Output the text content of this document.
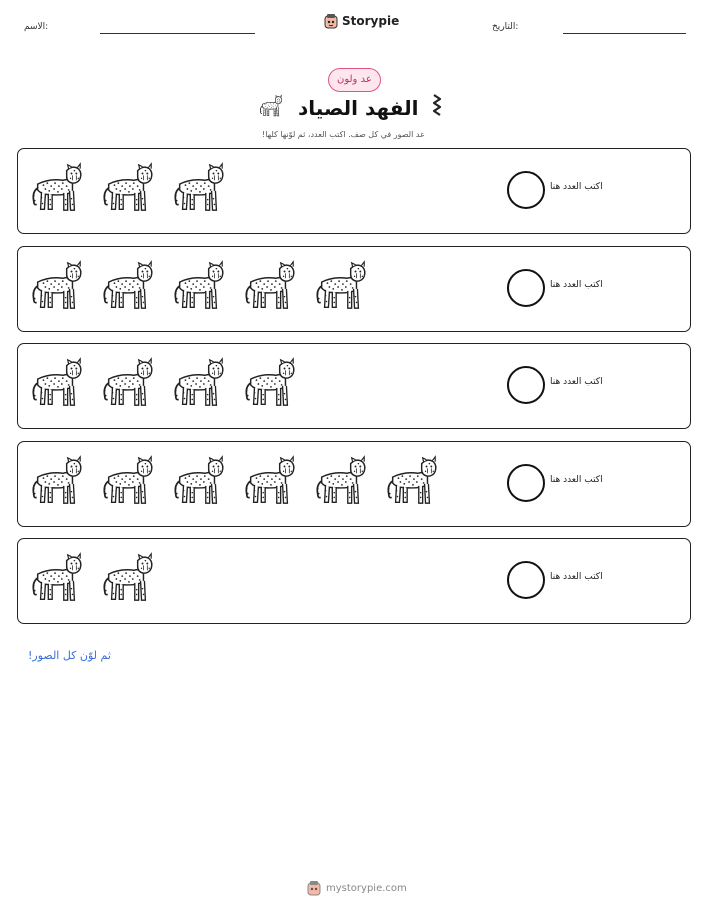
الاسم:	Storypie	التاريخ:
عد ولون
الفهد الصياد
عد الصور في كل صف. اكتب العدد، ثم لوّنها كلها!
اكتب العدد هنا
اكتب العدد هنا
اكتب العدد هنا
اكتب العدد هنا
اكتب العدد هنا
ثم لوّن كل الصور!
mystorypie.com
